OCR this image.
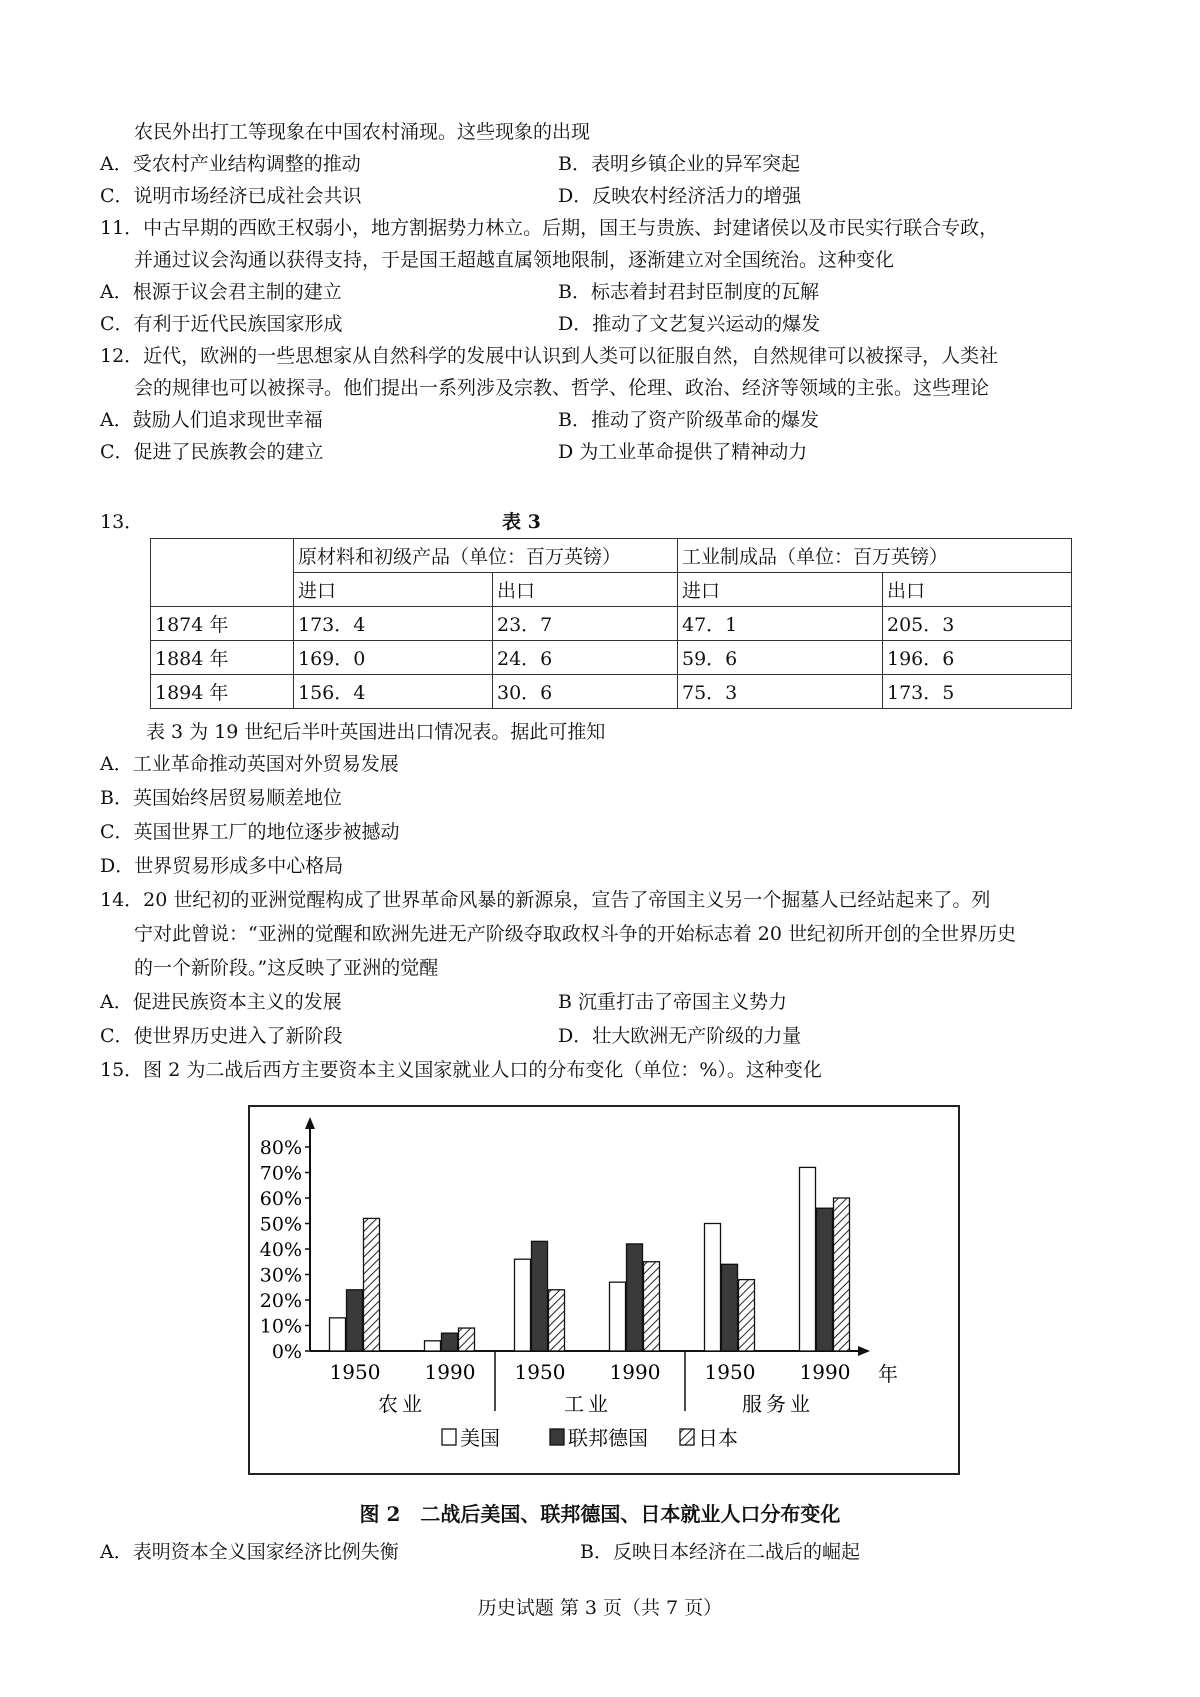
农民外出打工等现象在中国农村涌现。这些现象的出现
A．受农村产业结构调整的推动	B．表明乡镇企业的异军突起
C．说明市场经济已成社会共识	D．反映农村经济活力的增强
11．中古早期的西欧王权弱小，地方割据势力林立。后期，国王与贵族、封建诸侯以及市民实行联合专政，
并通过议会沟通以获得支持，于是国王超越直属领地限制，逐渐建立对全国统治。这种变化
A．根源于议会君主制的建立	B．标志着封君封臣制度的瓦解
C．有利于近代民族国家形成	D．推动了文艺复兴运动的爆发
12．近代，欧洲的一些思想家从自然科学的发展中认识到人类可以征服自然，自然规律可以被探寻，人类社
会的规律也可以被探寻。他们提出一系列涉及宗教、哲学、伦理、政治、经济等领域的主张。这些理论
A．鼓励人们追求现世幸福	B．推动了资产阶级革命的爆发
C．促进了民族教会的建立	D 为工业革命提供了精神动力
13．	表 3
	原材料和初级产品（单位：百万英镑）		工业制成品（单位：百万英镑）	
	进口	出口	进口	出口
1874 年	173．4	23．7	47．1	205．3
1884 年	169．0	24．6	59．6	196．6
1894 年	156．4	30．6	75．3	173．5
表 3 为 19 世纪后半叶英国进出口情况表。据此可推知
A．工业革命推动英国对外贸易发展
B．英国始终居贸易顺差地位
C．英国世界工厂的地位逐步被撼动
D．世界贸易形成多中心格局
14．20 世纪初的亚洲觉醒构成了世界革命风暴的新源泉，宣告了帝国主义另一个掘墓人已经站起来了。列
宁对此曾说：“亚洲的觉醒和欧洲先进无产阶级夺取政权斗争的开始标志着 20 世纪初所开创的全世界历史
的一个新阶段。”这反映了亚洲的觉醒
A．促进民族资本主义的发展	B 沉重打击了帝国主义势力
C．使世界历史进入了新阶段	D．壮大欧洲无产阶级的力量
15．图 2 为二战后西方主要资本主义国家就业人口的分布变化（单位：%）。这种变化
年
0%
10%
20%
30%
40%
50%
60%
70%
80%
1950 1990 1950 1990 1950 1990
农业	工业	服务业
美国	联邦德国	日本
图 2　二战后美国、联邦德国、日本就业人口分布变化
A．表明资本全义国家经济比例失衡	B．反映日本经济在二战后的崛起
历史试题 第 3 页（共 7 页）
